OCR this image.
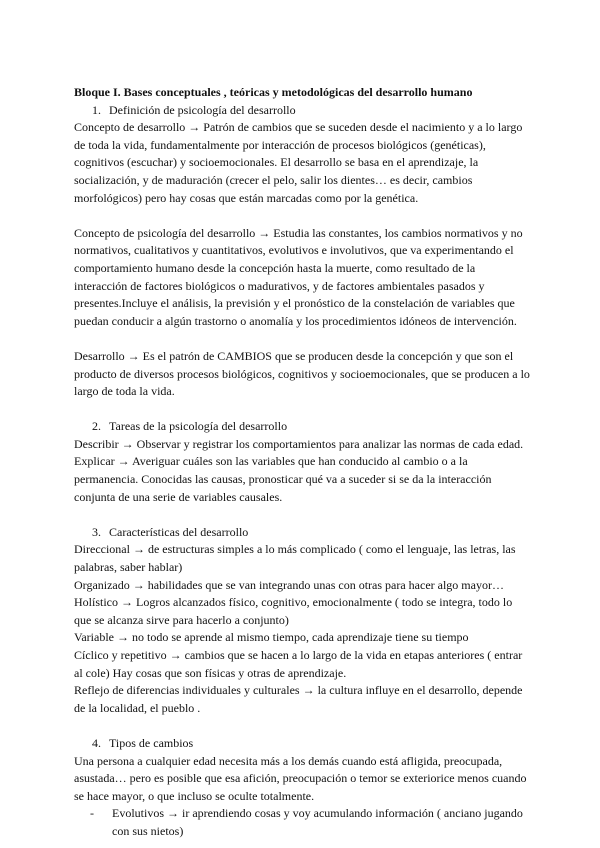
Bloque I. Bases conceptuales , teóricas y metodológicas del desarrollo humano

1. Definición de psicología del desarrollo

Concepto de desarrollo → Patrón de cambios que se suceden desde el nacimiento y a lo largo de toda la vida, fundamentalmente por interacción de procesos biológicos (genéticas), cognitivos (escuchar) y socioemocionales. El desarrollo se basa en el aprendizaje, la socialización, y de maduración (crecer el pelo, salir los dientes… es decir, cambios morfológicos) pero hay cosas que están marcadas como por la genética.

Concepto de psicología del desarrollo → Estudia las constantes, los cambios normativos y no normativos, cualitativos y cuantitativos, evolutivos e involutivos, que va experimentando el comportamiento humano desde la concepción hasta la muerte, como resultado de la interacción de factores biológicos o madurativos, y de factores ambientales pasados y presentes.Incluye el análisis, la previsión y el pronóstico de la constelación de variables que puedan conducir a algún trastorno o anomalía y los procedimientos idóneos de intervención.

Desarrollo → Es el patrón de CAMBIOS que se producen desde la concepción y que son el producto de diversos procesos biológicos, cognitivos y socioemocionales, que se producen a lo largo de toda la vida.

2. Tareas de la psicología del desarrollo

Describir → Observar y registrar los comportamientos para analizar las normas de cada edad.

Explicar → Averiguar cuáles son las variables que han conducido al cambio o a la permanencia. Conocidas las causas, pronosticar qué va a suceder si se da la interacción conjunta de una serie de variables causales.

3. Características del desarrollo

Direccional → de estructuras simples a lo más complicado ( como el lenguaje, las letras, las palabras, saber hablar)

Organizado → habilidades que se van integrando unas con otras para hacer algo mayor…

Holístico → Logros alcanzados físico, cognitivo, emocionalmente ( todo se integra, todo lo que se alcanza sirve para hacerlo a conjunto)

Variable → no todo se aprende al mismo tiempo, cada aprendizaje tiene su tiempo

Cíclico y repetitivo → cambios que se hacen a lo largo de la vida en etapas anteriores ( entrar al cole) Hay cosas que son físicas y otras de aprendizaje.

Reflejo de diferencias individuales y culturales → la cultura influye en el desarrollo, depende de la localidad, el pueblo .

4. Tipos de cambios

Una persona a cualquier edad necesita más a los demás cuando está afligida, preocupada, asustada… pero es posible que esa afición, preocupación o temor se exteriorice menos cuando se hace mayor, o que incluso se oculte totalmente.

-	Evolutivos → ir aprendiendo cosas y voy acumulando información ( anciano jugando con sus nietos)
